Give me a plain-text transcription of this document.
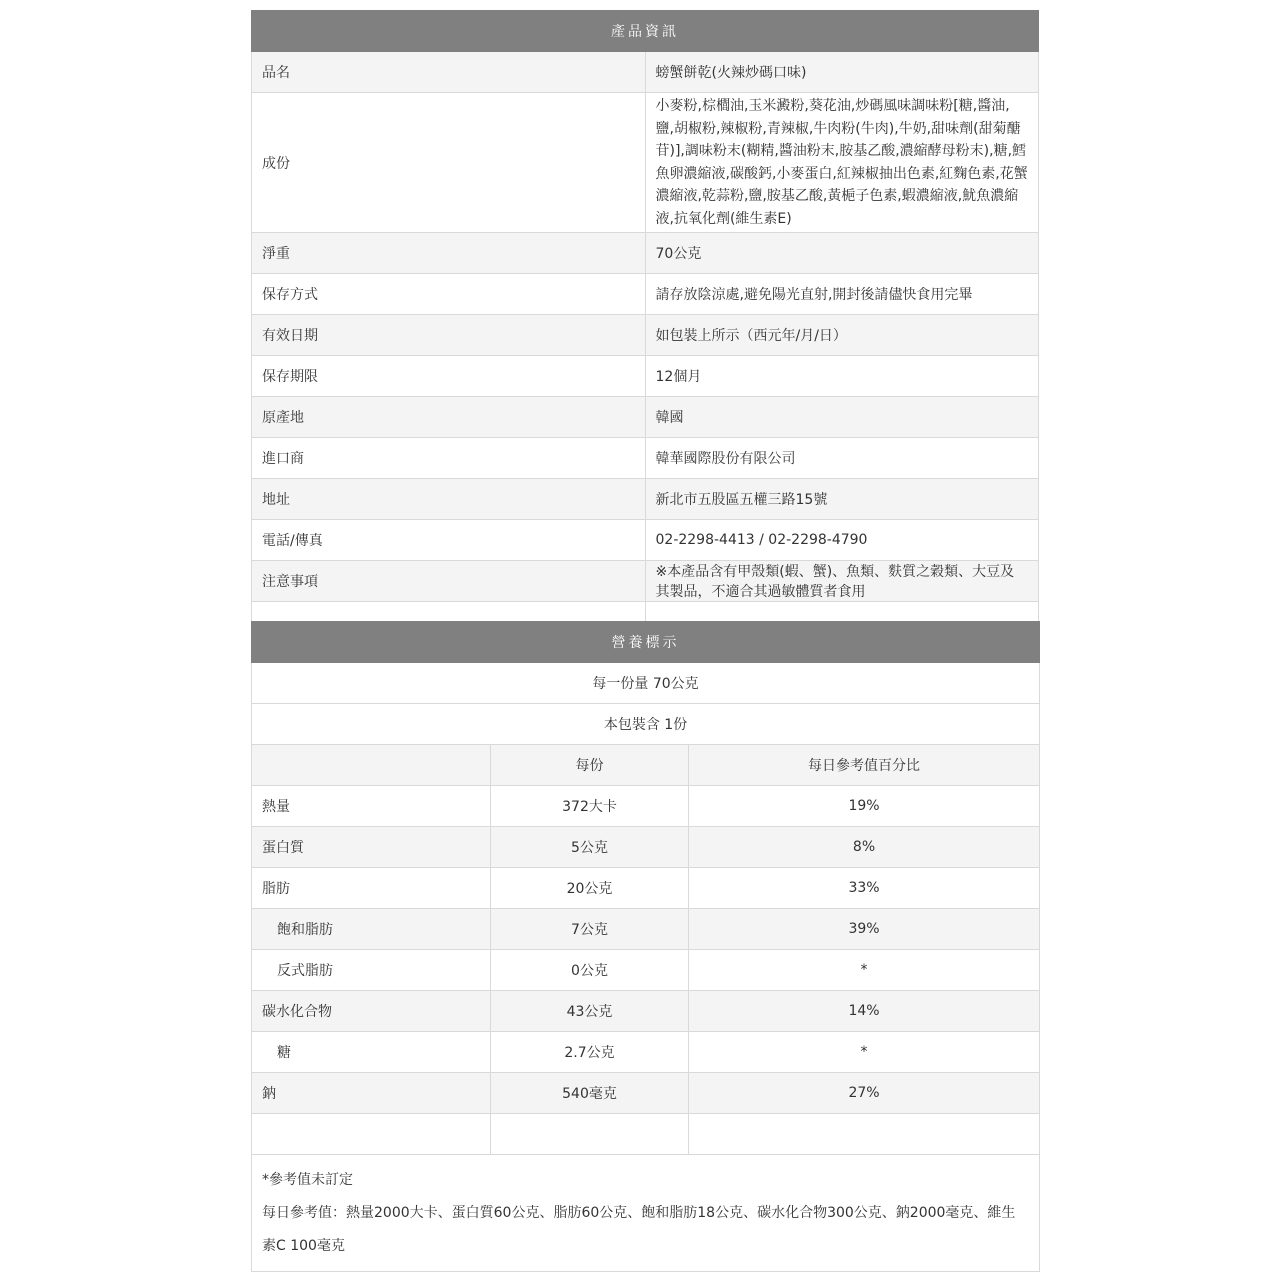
產品資訊	
品名	螃蟹餅乾(火辣炒碼口味)
成份	小麥粉,棕櫚油,玉米澱粉,葵花油,炒碼風味調味粉[糖,醬油,鹽,胡椒粉,辣椒粉,青辣椒,牛肉粉(牛肉),牛奶,甜味劑(甜菊醣苷)],調味粉末(糊精,醬油粉末,胺基乙酸,濃縮酵母粉末),糖,鱈魚卵濃縮液,碳酸鈣,小麥蛋白,紅辣椒抽出色素,紅麴色素,花蟹濃縮液,乾蒜粉,鹽,胺基乙酸,黃梔子色素,蝦濃縮液,魷魚濃縮液,抗氧化劑(維生素E)
淨重	70公克
保存方式	請存放陰涼處,避免陽光直射,開封後請儘快食用完畢
有效日期	如包裝上所示（西元年/月/日）
保存期限	12個月
原產地	韓國
進口商	韓華國際股份有限公司
地址	新北市五股區五權三路15號
電話/傳真	02-2298-4413 / 02-2298-4790
注意事項	※本產品含有甲殼類(蝦、蟹)、魚類、麩質之穀類、大豆及其製品，不適合其過敏體質者食用

營養標示		
每一份量 70公克		
本包裝含 1份		
	每份	每日參考值百分比
熱量	372大卡	19%
蛋白質	5公克	8%
脂肪	20公克	33%
飽和脂肪	7公克	39%
反式脂肪	0公克	*
碳水化合物	43公克	14%
糖	2.7公克	*
鈉	540毫克	27%

*參考值未訂定
每日參考值：熱量2000大卡、蛋白質60公克、脂肪60公克、飽和脂肪18公克、碳水化合物300公克、鈉2000毫克、維生素C 100毫克		
